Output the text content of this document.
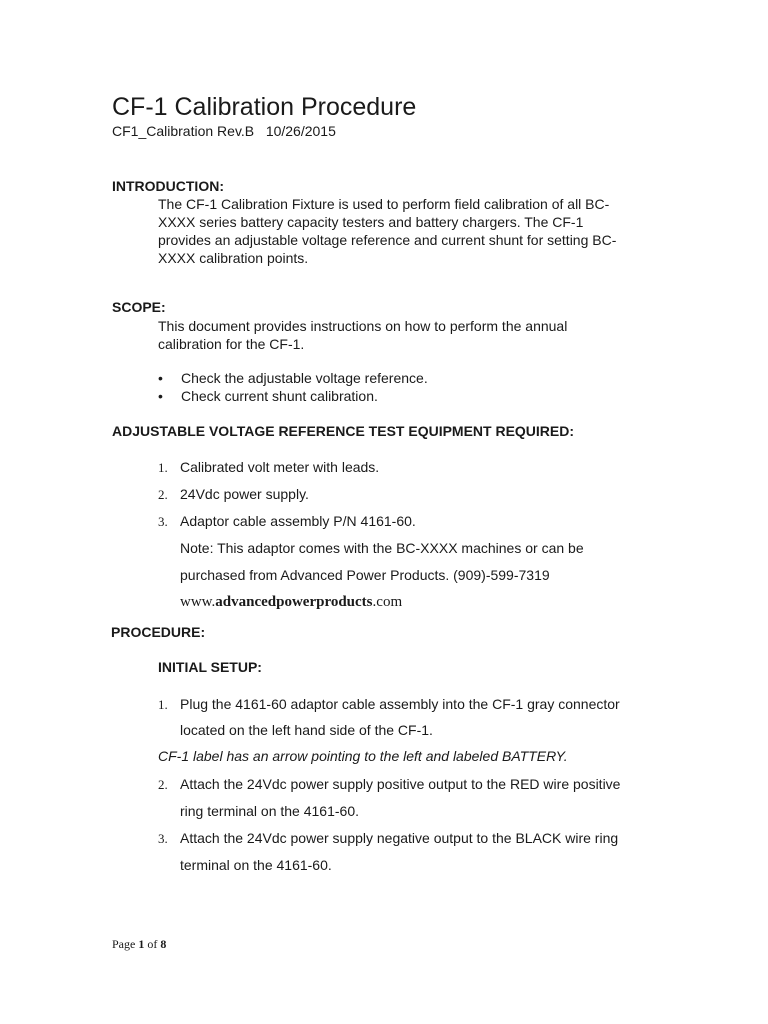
CF-1 Calibration Procedure
CF1_Calibration Rev.B 10/26/2015
INTRODUCTION:
The CF-1 Calibration Fixture is used to perform field calibration of all BC-
XXXX series battery capacity testers and battery chargers. The CF-1
provides an adjustable voltage reference and current shunt for setting BC-
XXXX calibration points.
SCOPE:
This document provides instructions on how to perform the annual
calibration for the CF-1.
• Check the adjustable voltage reference.
• Check current shunt calibration.
ADJUSTABLE VOLTAGE REFERENCE TEST EQUIPMENT REQUIRED:
1. Calibrated volt meter with leads.
2. 24Vdc power supply.
3. Adaptor cable assembly P/N 4161-60.
Note: This adaptor comes with the BC-XXXX machines or can be
purchased from Advanced Power Products. (909)-599-7319
www.advancedpowerproducts.com
PROCEDURE:
INITIAL SETUP:
1. Plug the 4161-60 adaptor cable assembly into the CF-1 gray connector
located on the left hand side of the CF-1.
CF-1 label has an arrow pointing to the left and labeled BATTERY.
2. Attach the 24Vdc power supply positive output to the RED wire positive
ring terminal on the 4161-60.
3. Attach the 24Vdc power supply negative output to the BLACK wire ring
terminal on the 4161-60.
Page 1 of 8
